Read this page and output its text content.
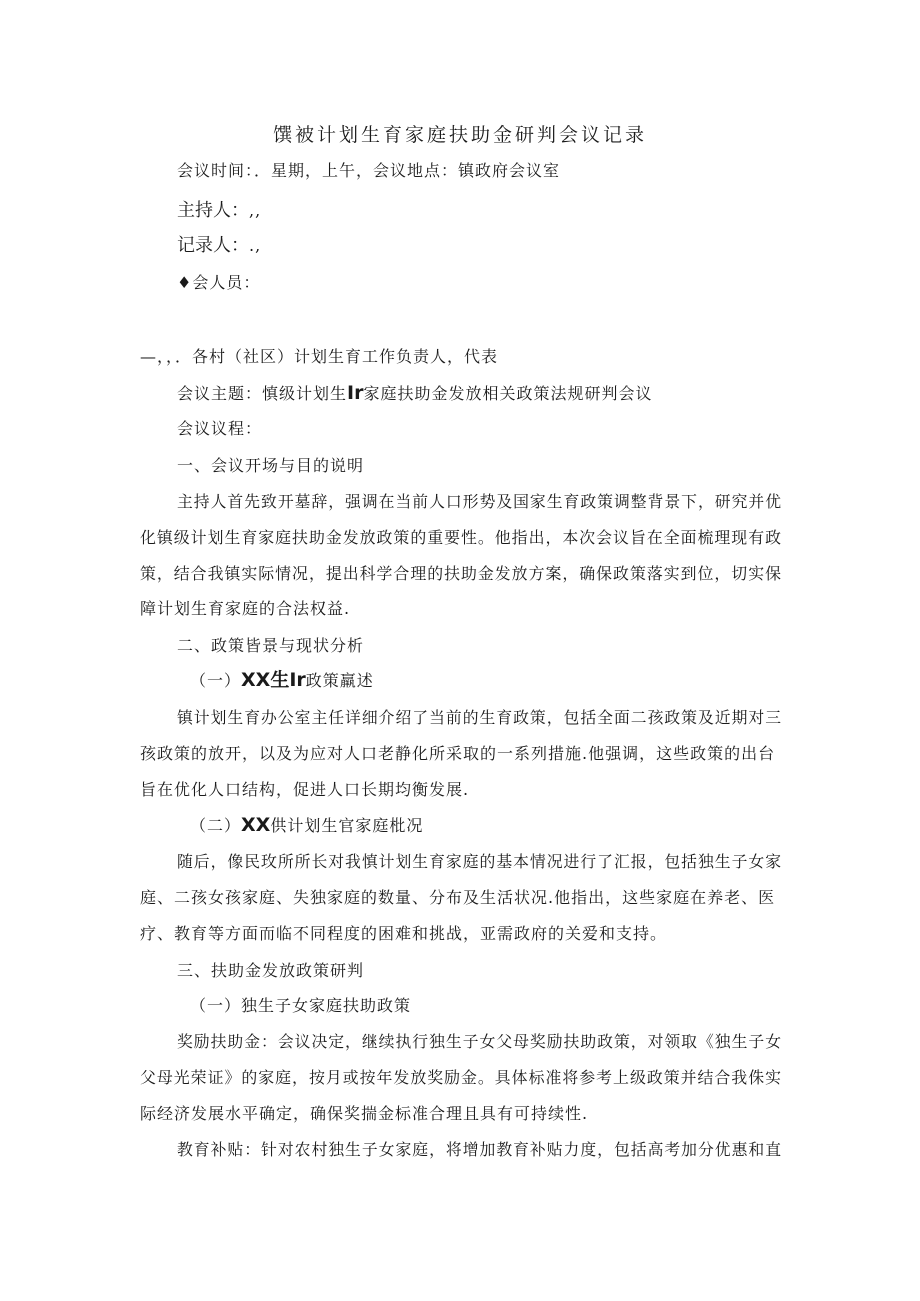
馔被计划生育家庭扶助金研判会议记录
会议时间：．星期，上午，会议地点：镇政府会议室
主持人：,,
记录人：.,
♦会人员：
—，，．各村（社区）计划生育工作负责人，代表
会议主题：慎级计划生Ir家庭扶助金发放相关政策法规研判会议
会议议程：
一、会议开场与目的说明
主持人首先致开墓辞，强调在当前人口形势及国家生育政策调整背景下，研究并优
化镇级计划生育家庭扶助金发放政策的重要性。他指出，本次会议旨在全面梳理现有政
策，结合我镇实际情况，提出科学合理的扶助金发放方案，确保政策落实到位，切实保
障计划生育家庭的合法权益.
二、政策皆景与现状分析
（一）XX生Ir政策羸述
镇计划生育办公室主任详细介绍了当前的生育政策，包括全面二孩政策及近期对三
孩政策的放开，以及为应对人口老静化所采取的一系列措施.他强调，这些政策的出台
旨在优化人口结构，促进人口长期均衡发展.
（二）XX供计划生官家庭枇况
随后，像民玫所所长对我慎计划生育家庭的基本情况进行了汇报，包括独生子女家
庭、二孩女孩家庭、失独家庭的数量、分布及生活状况.他指出，这些家庭在养老、医
疗、教育等方面而临不同程度的困难和挑战，亚需政府的关爱和支持。
三、扶助金发放政策研判
（一）独生子女家庭扶助政策
奖励扶助金：会议决定，继续执行独生子女父母奖励扶助政策，对领取《独生子女
父母光荣证》的家庭，按月或按年发放奖励金。具体标准将参考上级政策并结合我侏实
际经济发展水平确定，确保奖揣金标准合理且具有可持续性.
教育补贴：针对农村独生子女家庭，将增加教育补贴力度，包括高考加分优惠和直
